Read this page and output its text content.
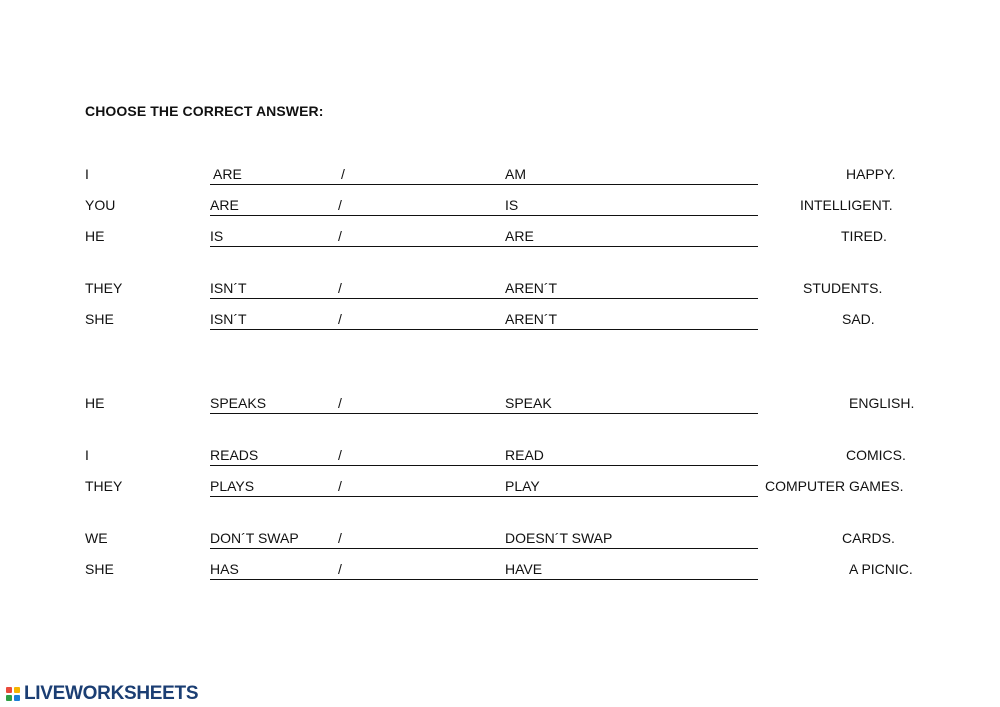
CHOOSE THE CORRECT ANSWER:
I	ARE	/	AM	HAPPY.
YOU	ARE	/	IS	INTELLIGENT.
HE	IS	/	ARE	TIRED.
THEY	ISN´T	/	AREN´T	STUDENTS.
SHE	ISN´T	/	AREN´T	SAD.
HE	SPEAKS	/	SPEAK	ENGLISH.
I	READS	/	READ	COMICS.
THEY	PLAYS	/	PLAY	COMPUTER GAMES.
WE	DON´T SWAP	/	DOESN´T SWAP	CARDS.
SHE	HAS	/	HAVE	A PICNIC.
LIVEWORKSHEETS
